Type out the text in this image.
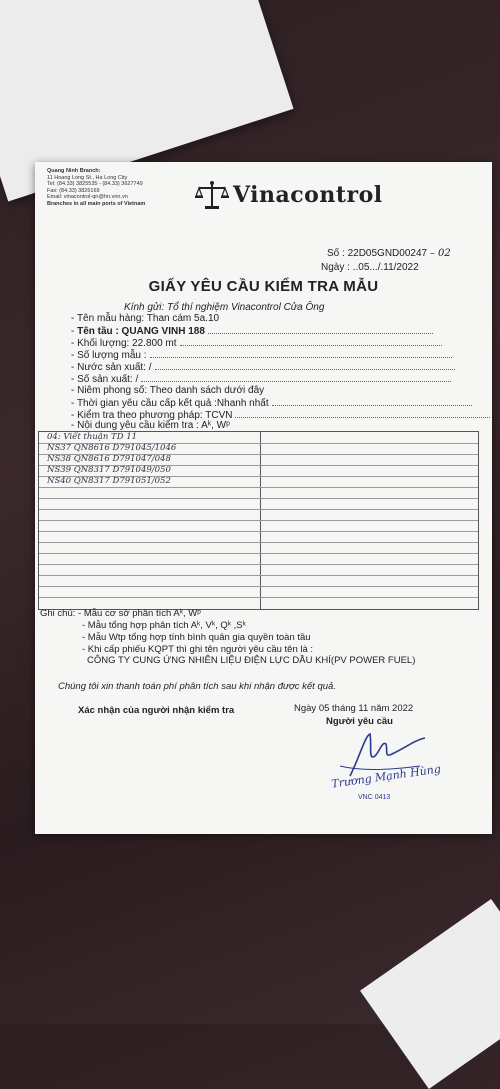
Quang Ninh Branch:
11 Hoang Long St., Ha Long City
Tel: (84.33) 3825535 - (84.33) 3627749
Fax: (84.33) 3826169
Email: vinacontrol-qn@hn.vnn.vn
Branches in all main ports of Vietnam	Vinacontrol
Số : 22D05GND00247 – 02
Ngày : ..05.../.11/2022
GIẤY YÊU CẦU KIỂM TRA MẪU
Kính gửi: Tổ thí nghiệm Vinacontrol Cửa Ông
- Tên mẫu hàng: Than cám 5a.10
- Tên tầu : QUANG VINH 188
- Khối lượng: 22.800 mt
- Số lượng mẫu :
- Nước sản xuất: /
- Số sản xuất: /
- Niêm phong số: Theo danh sách dưới đây
- Thời gian yêu cầu cấp kết quả :Nhanh nhất
- Kiểm tra theo phương pháp: TCVN
- Nội dung yêu cầu kiểm tra : Aᵏ, Wᵖ
04: Viết thuận TD 11
NS37 QN8616 D791045/1046
NS38 QN8616 D791047/048
NS39 QN8317 D791049/050
NS40 QN8317 D791051/052
Ghi chú: - Mẫu cơ sở phân tích Aᵏ, Wᵖ
- Mẫu tổng hợp phân tích Aᵏ, Vᵏ, Qᵏ ,Sᵏ
- Mẫu Wtp tổng hợp tính bình quân gia quyền toàn tầu
- Khi cấp phiếu KQPT thì ghi tên người yêu cầu tên là :
CÔNG TY CUNG ỨNG NHIÊN LIỆU ĐIỆN LỰC DẦU KHÍ(PV POWER FUEL)
Chúng tôi xin thanh toán phí phân tích sau khi nhận được kết quả.
Xác nhận của người nhận kiểm tra	Ngày 05 tháng 11 năm 2022
Người yêu cầu
Trương Mạnh Hùng
VNC 0413
